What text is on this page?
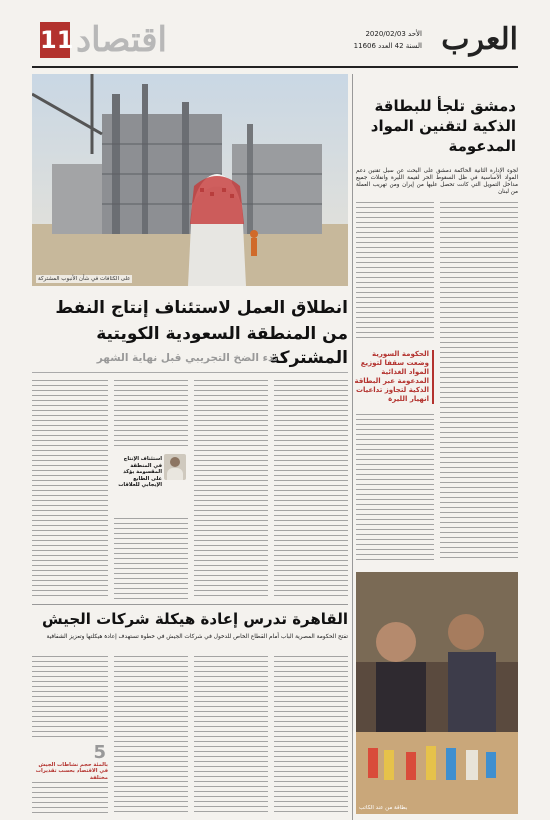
العرب
الأحد 2020/02/03
السنة 42 العدد 11606
11 اقتصاد
على الكثافات في شأن الأنبوب المشتركة
دمشق تلجأ للبطاقة الذكية لتقنين المواد المدعومة
لجوء الإدارة الثانية الحاكمة دمشق على البحث عن سبل تقنين دعم المواد الأساسية في ظل السقوط الحر لقيمة الليرة وانفلات جميع مداخل التمويل التي كانت تحصل عليها من إيران ومن تهريب العملة من لبنان
الحكومة السورية وضعت سقفا لتوزيع المواد الغذائية المدعومة عبر البطاقة الذكية لتجاوز تداعيات انهيار الليرة
بطاقة من عند الكاتب
انطلاق العمل لاستئناف إنتاج النفط
من المنطقة السعودية الكويتية المشتركة
بدء الضخ التجريبي قبل نهاية الشهر
استئناف الإنتاج في المنطقة المقسومة يؤكد على الطابع الإيجابي للعلاقات
القاهرة تدرس إعادة هيكلة شركات الجيش
تفتح الحكومة المصرية الباب أمام القطاع الخاص للدخول في شركات الجيش في خطوة تستهدف إعادة هيكلتها وتعزيز الشفافية
5
بالمئة حجم نشاطات الجيش في الاقتصاد بحسب تقديرات مختلفة
